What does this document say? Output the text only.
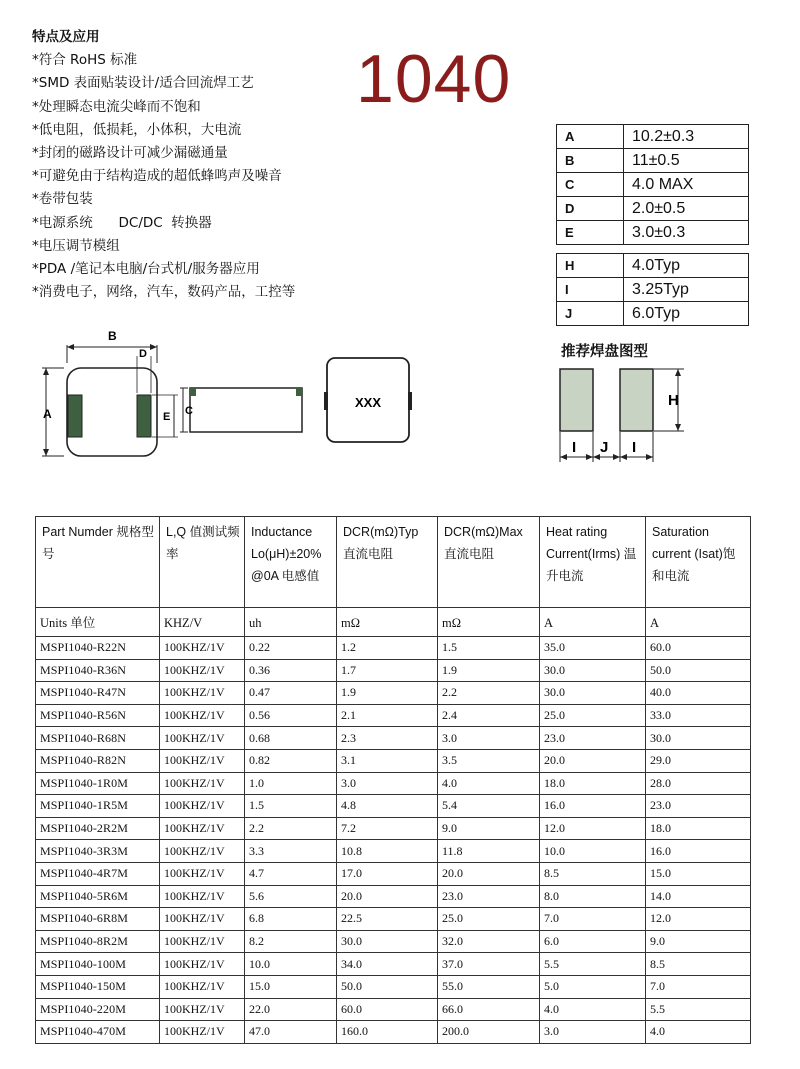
特点及应用
*符合 RoHS 标准
*SMD 表面贴装设计/适合回流焊工艺
*处理瞬态电流尖峰而不饱和
*低电阻，低损耗，小体积，大电流
*封闭的磁路设计可减少漏磁通量
*可避免由于结构造成的超低蜂鸣声及噪音
*卷带包装
*电源系统      DC/DC  转换器
*电压调节模组
*PDA /笔记本电脑/台式机/服务器应用
*消费电子，网络，汽车，数码产品，工控等
1040
A	10.2±0.3
B	11±0.5
C	4.0 MAX
D	2.0±0.5
E	3.0±0.3
H	4.0Typ
I	3.25Typ
J	6.0Typ
B
D
A	E C
XXX
推荐焊盘图型
H
I J I
Part Numder 规格型号	L,Q 值测试频率	Inductance Lo(μH)±20% @0A 电感值	DCR(mΩ)Typ 直流电阻	DCR(mΩ)Max 直流电阻	Heat rating Current(Irms) 温升电流	Saturation current (Isat)饱和电流
Units 单位	KHZ/V	uh	mΩ	mΩ	A	A
MSPI1040-R22N	100KHZ/1V	0.22	1.2	1.5	35.0	60.0
MSPI1040-R36N	100KHZ/1V	0.36	1.7	1.9	30.0	50.0
MSPI1040-R47N	100KHZ/1V	0.47	1.9	2.2	30.0	40.0
MSPI1040-R56N	100KHZ/1V	0.56	2.1	2.4	25.0	33.0
MSPI1040-R68N	100KHZ/1V	0.68	2.3	3.0	23.0	30.0
MSPI1040-R82N	100KHZ/1V	0.82	3.1	3.5	20.0	29.0
MSPI1040-1R0M	100KHZ/1V	1.0	3.0	4.0	18.0	28.0
MSPI1040-1R5M	100KHZ/1V	1.5	4.8	5.4	16.0	23.0
MSPI1040-2R2M	100KHZ/1V	2.2	7.2	9.0	12.0	18.0
MSPI1040-3R3M	100KHZ/1V	3.3	10.8	11.8	10.0	16.0
MSPI1040-4R7M	100KHZ/1V	4.7	17.0	20.0	8.5	15.0
MSPI1040-5R6M	100KHZ/1V	5.6	20.0	23.0	8.0	14.0
MSPI1040-6R8M	100KHZ/1V	6.8	22.5	25.0	7.0	12.0
MSPI1040-8R2M	100KHZ/1V	8.2	30.0	32.0	6.0	9.0
MSPI1040-100M	100KHZ/1V	10.0	34.0	37.0	5.5	8.5
MSPI1040-150M	100KHZ/1V	15.0	50.0	55.0	5.0	7.0
MSPI1040-220M	100KHZ/1V	22.0	60.0	66.0	4.0	5.5
MSPI1040-470M	100KHZ/1V	47.0	160.0	200.0	3.0	4.0
